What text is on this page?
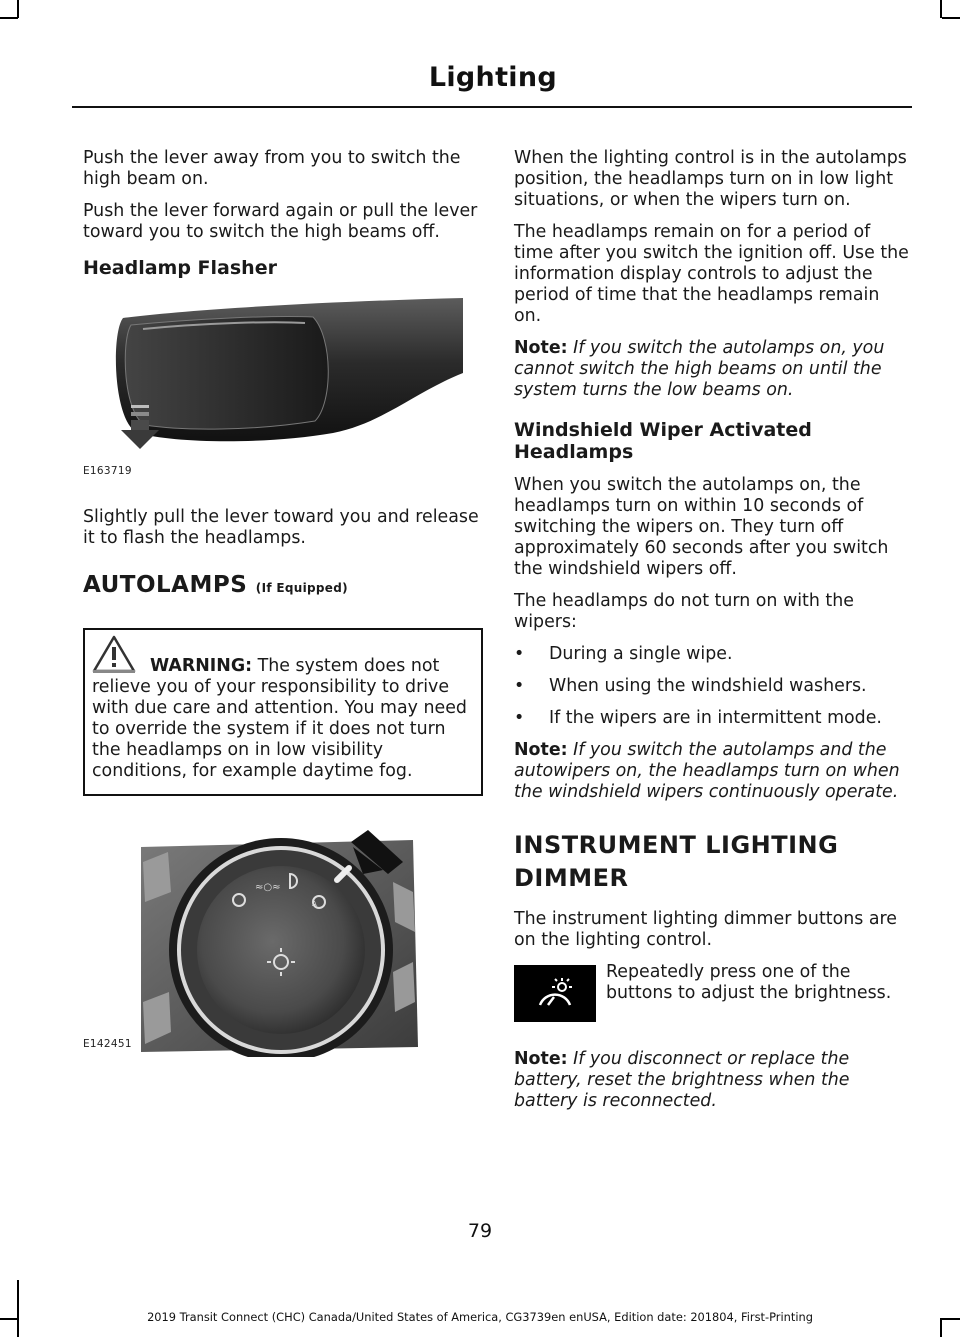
Lighting

Push the lever away from you to switch the high beam on.

Push the lever forward again or pull the lever toward you to switch the high beams off.

Headlamp Flasher
E163719

Slightly pull the lever toward you and release it to flash the headlamps.

AUTOLAMPS (If Equipped)
WARNING: The system does not relieve you of your responsibility to drive with due care and attention. You may need to override the system if it does not turn the headlamps on in low visibility conditions, for example daytime fog.
≈○≈
A
E142451

When the lighting control is in the autolamps position, the headlamps turn on in low light situations, or when the wipers turn on.

The headlamps remain on for a period of time after you switch the ignition off. Use the information display controls to adjust the period of time that the headlamps remain on.

Note: If you switch the autolamps on, you cannot switch the high beams on until the system turns the low beams on.

Windshield Wiper Activated Headlamps

When you switch the autolamps on, the headlamps turn on within 10 seconds of switching the wipers on. They turn off approximately 60 seconds after you switch the windshield wipers off.

The headlamps do not turn on with the wipers:

• During a single wipe.
• When using the windshield washers.
• If the wipers are in intermittent mode.

Note: If you switch the autolamps and the autowipers on, the headlamps turn on when the windshield wipers continuously operate.

INSTRUMENT LIGHTING
DIMMER

The instrument lighting dimmer buttons are on the lighting control.

Repeatedly press one of the buttons to adjust the brightness.

Note: If you disconnect or replace the battery, reset the brightness when the battery is reconnected.

79
2019 Transit Connect (CHC) Canada/United States of America, CG3739en enUSA, Edition date: 201804, First-Printing
